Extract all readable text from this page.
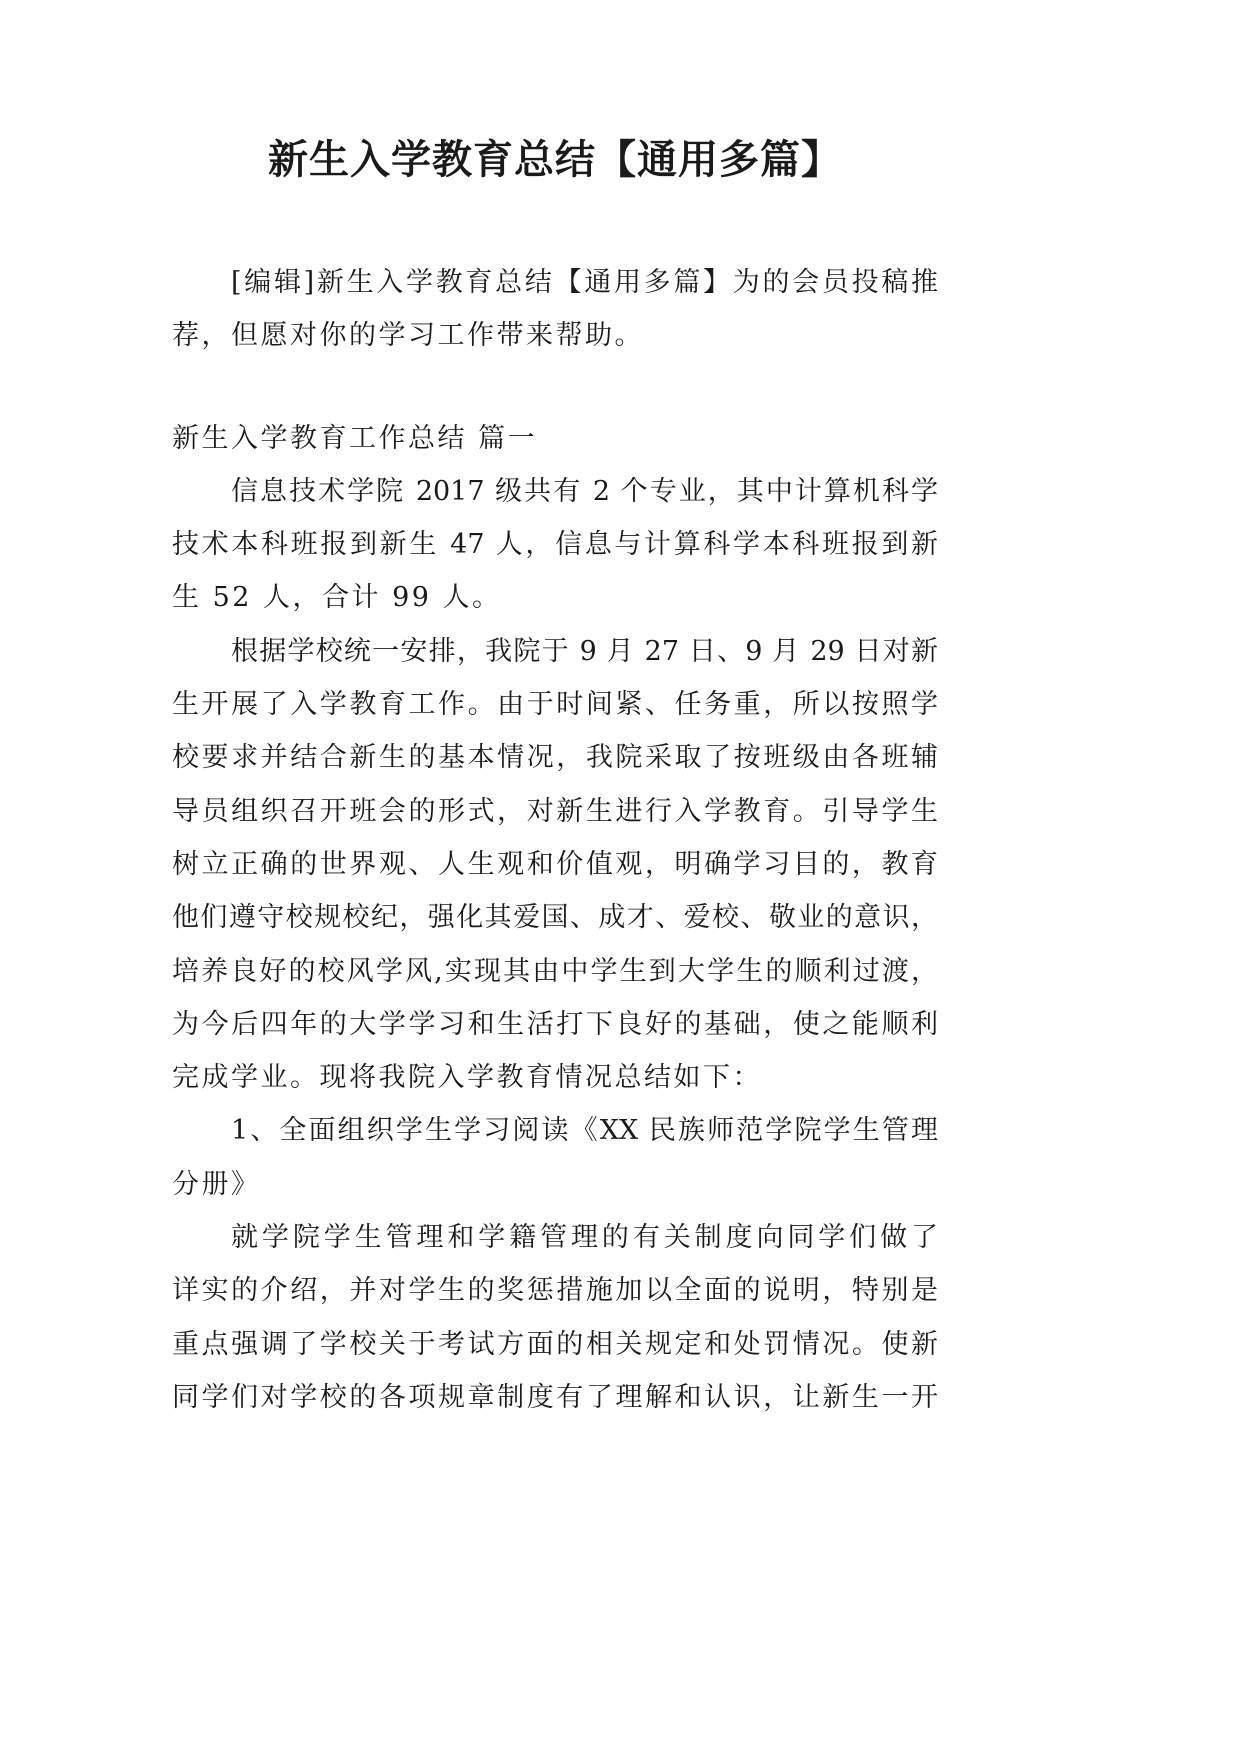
新生入学教育总结【通用多篇】
[编辑]新生入学教育总结【通用多篇】为的会员投稿推
荐，但愿对你的学习工作带来帮助。
新生入学教育工作总结 篇一
信息技术学院 2017 级共有 2 个专业，其中计算机科学
技术本科班报到新生 47 人，信息与计算科学本科班报到新
生 52 人，合计 99 人。
根据学校统一安排，我院于 9 月 27 日、9 月 29 日对新
生开展了入学教育工作。由于时间紧、任务重，所以按照学
校要求并结合新生的基本情况，我院采取了按班级由各班辅
导员组织召开班会的形式，对新生进行入学教育。引导学生
树立正确的世界观、人生观和价值观，明确学习目的，教育
他们遵守校规校纪，强化其爱国、成才、爱校、敬业的意识，
培养良好的校风学风,实现其由中学生到大学生的顺利过渡，
为今后四年的大学学习和生活打下良好的基础，使之能顺利
完成学业。现将我院入学教育情况总结如下：
1、全面组织学生学习阅读《XX 民族师范学院学生管理
分册》
就学院学生管理和学籍管理的有关制度向同学们做了
详实的介绍，并对学生的奖惩措施加以全面的说明，特别是
重点强调了学校关于考试方面的相关规定和处罚情况。使新
同学们对学校的各项规章制度有了理解和认识，让新生一开
